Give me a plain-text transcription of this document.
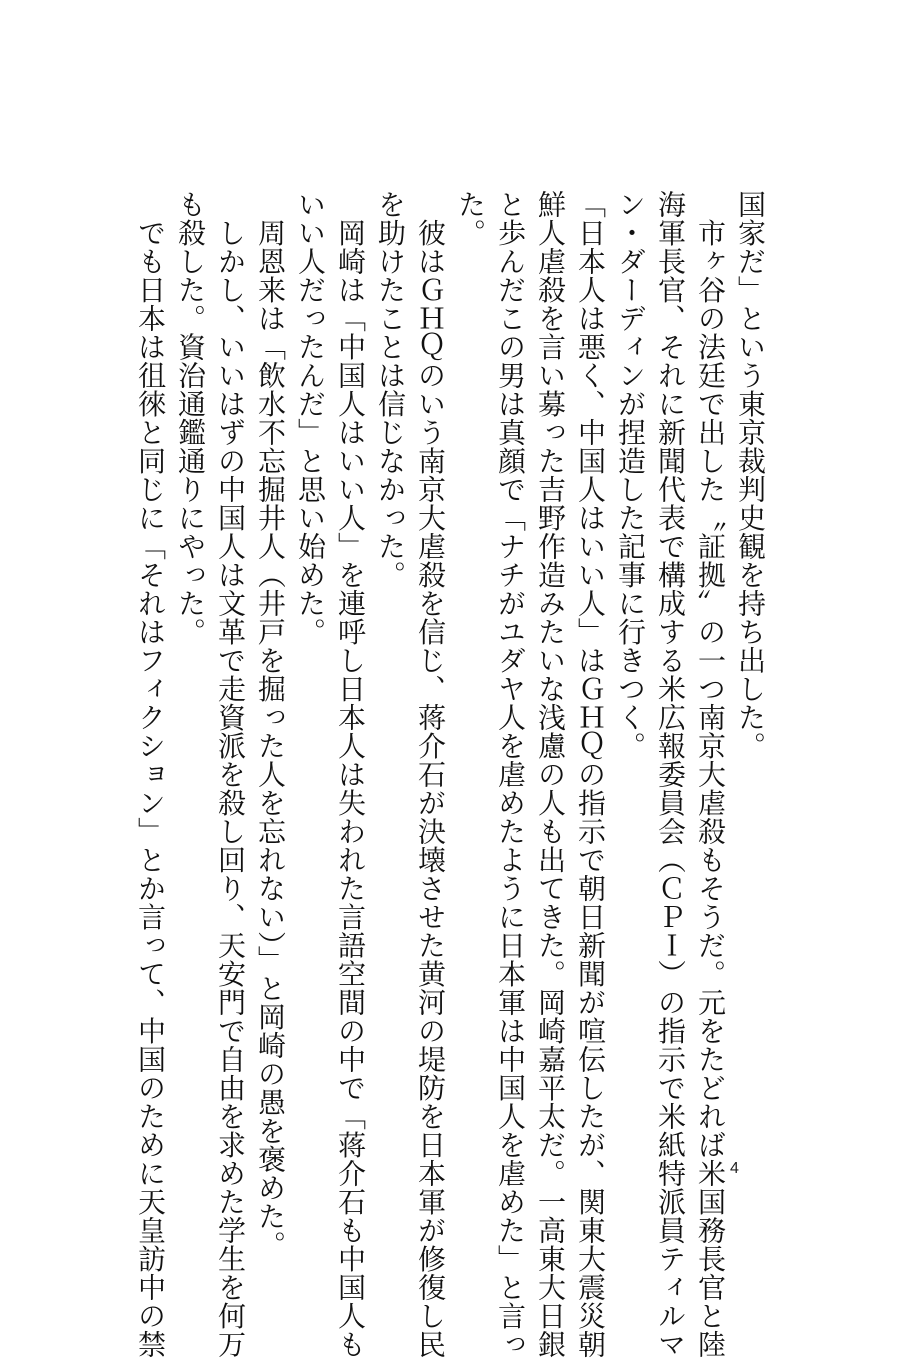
国家だ」という東京裁判史観を持ち出した。
　市ヶ谷の法廷で出した〝証拠〟の一つ南京大虐殺もそうだ。元をたどれば米国務長官と陸
海軍長官、それに新聞代表で構成する米広報委員会（ＣＰＩ）の指示で米紙特派員ティルマ
ン・ダーディンが捏造した記事に行きつく。
「日本人は悪く、中国人はいい人」はＧＨＱの指示で朝日新聞が喧伝したが、関東大震災朝
鮮人虐殺を言い募った吉野作造みたいな浅慮の人も出てきた。岡崎嘉平太だ。一高東大日銀
と歩んだこの男は真顔で「ナチがユダヤ人を虐めたように日本軍は中国人を虐めた」と言っ
た。
　彼はＧＨＱのいう南京大虐殺を信じ、蒋介石が決壊させた黄河の堤防を日本軍が修復し民
を助けたことは信じなかった。
　岡崎は「中国人はいい人」を連呼し日本人は失われた言語空間の中で「蒋介石も中国人も
いい人だったんだ」と思い始めた。
　周恩来は「飲水不忘掘井人（井戸を掘った人を忘れない）」と岡崎の愚を褒めた。
　しかし、いいはずの中国人は文革で走資派を殺し回り、天安門で自由を求めた学生を何万
も殺した。資治通鑑通りにやった。
　でも日本は徂徠と同じに「それはフィクション」とか言って、中国のために天皇訪中の禁	4
